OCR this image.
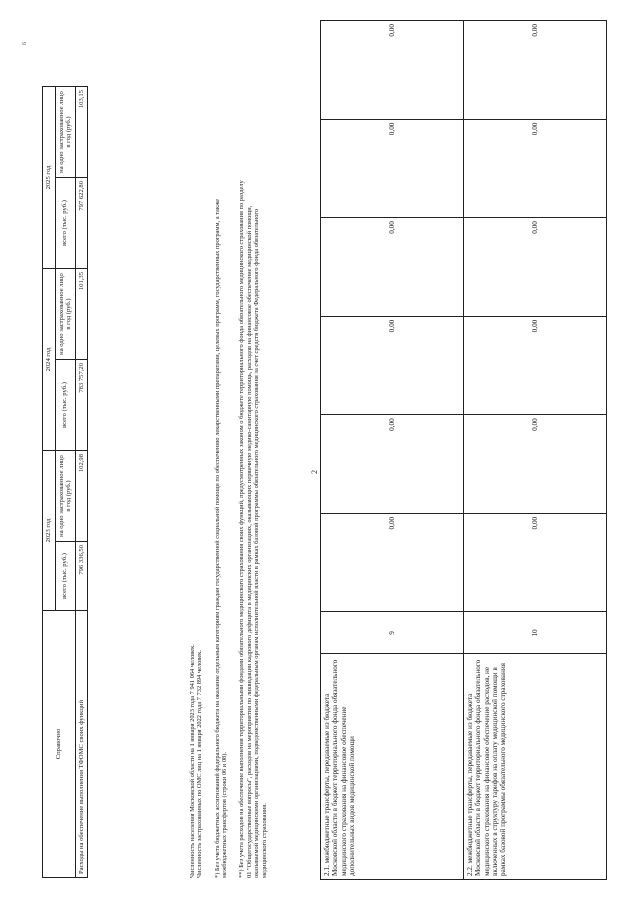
2
6
2.1. межбюджетные трансферты, передаваемые из бюджета Московской области в бюджет территориального фонда обязательного медицинского страхования на финансовое обеспечение дополнительных видов медицинской помощи	9	0,00	0,00	0,00	0,00	0,00	0,00
2.2. межбюджетные трансферты, передаваемые из бюджета Московской области в бюджет территориального фонда обязательного медицинского страхования на финансовое обеспечение расходов, не включенных в структуру тарифов на оплату медицинской помощи в рамках базовой программы обязательного медицинского страхования	10	0,00	0,00	0,00	0,00	0,00	0,00

Численность населения Московской области на 1 января 2023 года 7 941 064 человек. Численность застрахованных по ОМС лиц на 1 января 2022 года 7 732 894 человек. *) Без учета бюджетных ассигнований федерального бюджета на оказание отдельным категориям граждан государственной социальной помощи по обеспечению лекарственными препаратами, целевых программ, государственных программ, а также межбюджетных трансфертов (строки 06 и 08). **) Без учета расходов на обеспечение выполнения территориальными фондами обязательного медицинского страхования своих функций, предусмотренных законом о бюджете территориального фонда обязательного медицинского страхования по разделу 01 "Общегосударственные вопросы", расходов на мероприятия по ликвидации кадрового дефицита в медицинских организациях, оказывающих первичную медико-санитарную помощь, расходов на финансовое обеспечение медицинской помощи, оказываемой медицинскими организациями, подведомственными федеральным органам исполнительной власти в рамках базовой программы обязательного медицинского страхования за счет средств бюджета Федерального фонда обязательного медицинского страхования.

Справочно	2023 год		2024 год		2025 год	
	всего (тыс. руб.)	на одно застрахованное лицо в год (руб.)	всего (тыс. руб.)	на одно застрахованное лицо в год (руб.)	всего (тыс. руб.)	на одно застрахованное лицо в год (руб.)
Расходы на обеспечение выполнения ТФОМС своих функций	796 336,50	102,98	783 757,20	101,35	797 622,80	103,15
